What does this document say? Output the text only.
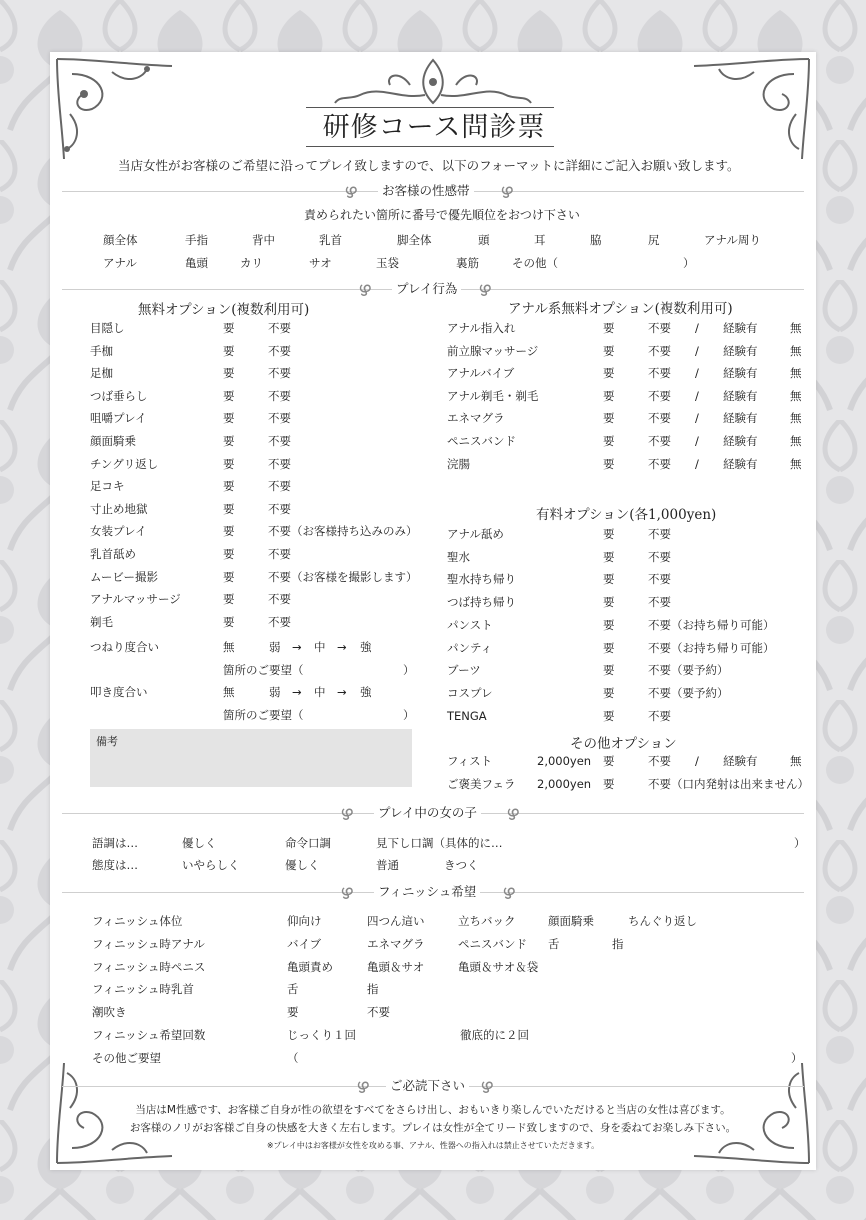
研修コース問診票
当店女性がお客様のご希望に沿ってプレイ致しますので、以下のフォーマットに詳細にご記入お願い致します。
ഴ	お客様の性感帯 ഴ
責められたい箇所に番号で優先順位をおつけ下さい
顔全体	手指	背中	乳首	脚全体	頭	耳	脇	尻	アナル周り
アナル	亀頭	カリ	サオ	玉袋	裏筋	その他（	）
ഴ	プレイ行為 ഴ
無料オプション(複数利用可)	アナル系無料オプション(複数利用可)
つねり度合い	無	弱 → 中 → 強
箇所のご要望（	）
叩き度合い	無	弱 → 中 → 強
箇所のご要望（	）
備考
有料オプション(各1,000yen)
その他オプション
フィスト	2,000yen 要	不要 / 経験有	無
ご褒美フェラ 2,000yen 要	不要（口内発射は出来ません）
ഴ	プレイ中の女の子 ഴ
語調は…	優しく	命令口調	見下し口調（具体的に…	）
態度は…	いやらしく	優しく	普通	きつく
ഴ	フィニッシュ希望 ഴ
ഴ	ご必読下さい ഴ
当店はM性感です、お客様ご自身が性の欲望をすべてをさらけ出し、おもいきり楽しんでいただけると当店の女性は喜びます。
お客様のノリがお客様ご自身の快感を大きく左右します。プレイは女性が全てリード致しますので、身を委ねてお楽しみ下さい。
※プレイ中はお客様が女性を攻める事、アナル、性器への指入れは禁止させていただきます。
目隠し	要	不要
手枷	要	不要
足枷	要	不要
つば垂らし	要	不要
咀嚼プレイ	要	不要
顔面騎乗	要	不要
チングリ返し	要	不要
足コキ	要	不要
寸止め地獄	要	不要
女装プレイ	要	不要（お客様持ち込みのみ）
乳首舐め	要	不要
ムービー撮影	要	不要（お客様を撮影します）
アナルマッサージ	要	不要
剃毛	要	不要
アナル指入れ	要	不要 / 経験有	無
前立腺マッサージ	要	不要 / 経験有	無
アナルバイブ	要	不要 / 経験有	無
アナル剃毛・剃毛	要	不要 / 経験有	無
エネマグラ	要	不要 / 経験有	無
ペニスバンド	要	不要 / 経験有	無
浣腸	要	不要 / 経験有	無
アナル舐め	要	不要
聖水	要	不要
聖水持ち帰り	要	不要
つば持ち帰り	要	不要
パンスト	要	不要（お持ち帰り可能）
パンティ	要	不要（お持ち帰り可能）
ブーツ	要	不要（要予約）
コスプレ	要	不要（要予約）
TENGA	要	不要
フィニッシュ体位	仰向け	四つん這い	立ちバック	顔面騎乗	ちんぐり返し
フィニッシュ時アナル	バイブ	エネマグラ	ペニスバンド 舌	指
フィニッシュ時ペニス	亀頭責め	亀頭＆サオ	亀頭＆サオ＆袋
フィニッシュ時乳首	舌	指
潮吹き	要	不要
フィニッシュ希望回数	じっくり１回	徹底的に２回
その他ご要望	（	）
